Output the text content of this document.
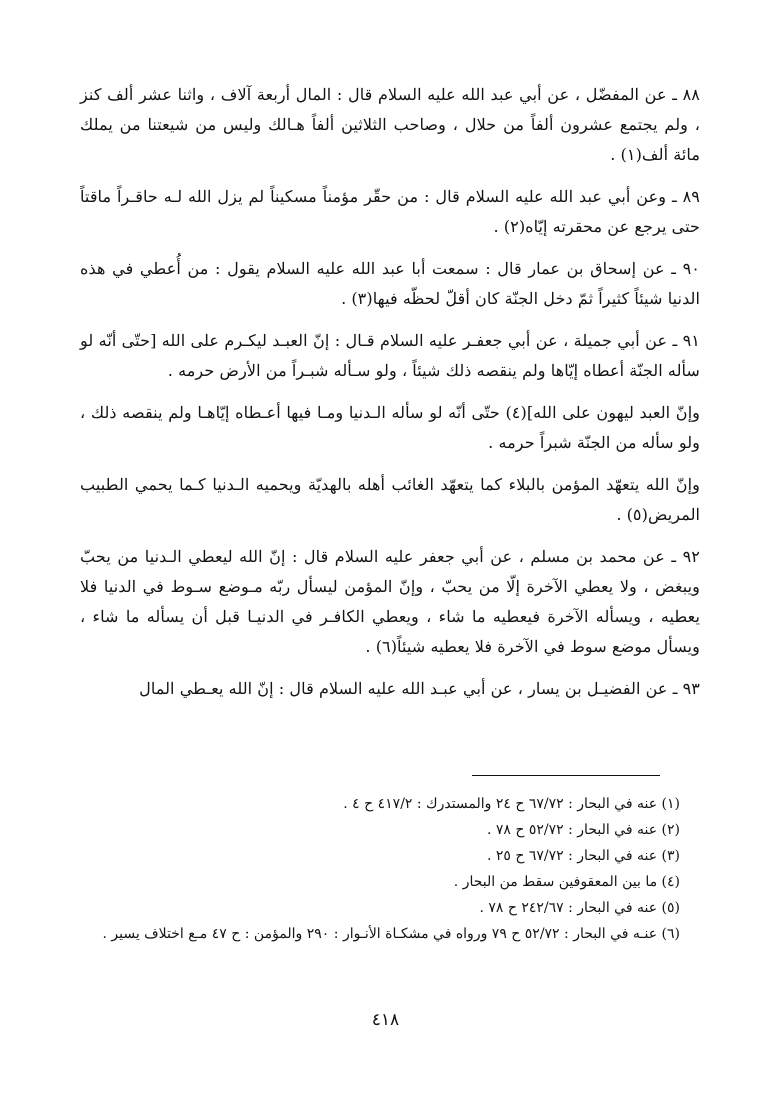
٨٨ ـ عن المفضّل ، عن أبي عبد الله عليه السلام قال : المال أربعة آلاف ، واثنا عشر ألف كنز ، ولم يجتمع عشرون ألفاً من حلال ، وصاحب الثلاثين ألفاً هـالك وليس من شيعتنا من يملك مائة ألف(١) .

٨٩ ـ وعن أبي عبد الله عليه السلام قال : من حقّر مؤمناً مسكيناً لم يزل الله لـه حاقـراً ماقتاً حتى يرجع عن محقرته إيّاه(٢) .

٩٠ ـ عن إسحاق بن عمار قال : سمعت أبا عبد الله عليه السلام يقول : من أُعطي في هذه الدنيا شيئاً كثيراً ثمّ دخل الجنّة كان أقلّ لحظّه فيها(٣) .

٩١ ـ عن أبي جميلة ، عن أبي جعفـر عليه السلام قـال : إنّ العبـد ليكـرم على الله [حتّى أنّه لو سأله الجنّة أعطاه إيّاها ولم ينقصه ذلك شيئاً ، ولو سـأله شبـراً من الأرض حرمه .

وإنّ العبد ليهون على الله](٤) حتّى أنّه لو سأله الـدنيا ومـا فيها أعـطاه إيّاهـا ولم ينقصه ذلك ، ولو سأله من الجنّة شبراً حرمه .

وإنّ الله يتعهّد المؤمن بالبلاء كما يتعهّد الغائب أهله بالهديّة ويحميه الـدنيا كـما يحمي الطبيب المريض(٥) .

٩٢ ـ عن محمد بن مسلم ، عن أبي جعفر عليه السلام قال : إنّ الله ليعطي الـدنيا من يحبّ ويبغض ، ولا يعطي الآخرة إلّا من يحبّ ، وإنّ المؤمن ليسأل ربّه مـوضع سـوط في الدنيا فلا يعطيه ، ويسأله الآخرة فيعطيه ما شاء ، ويعطي الكافـر في الدنيـا قبل أن يسأله ما شاء ، ويسأل موضع سوط في الآخرة فلا يعطيه شيئاً(٦) .

٩٣ ـ عن الفضيـل بن يسار ، عن أبي عبـد الله عليه السلام قال : إنّ الله يعـطي المال

(١) عنه في البحار : ٦٧/٧٢ ح ٢٤ والمستدرك : ٤١٧/٢ ح ٤ .

(٢) عنه في البحار : ٥٢/٧٢ ح ٧٨ .

(٣) عنه في البحار : ٦٧/٧٢ ح ٢٥ .

(٤) ما بين المعقوفين سقط من البحار .

(٥) عنه في البحار : ٢٤٢/٦٧ ح ٧٨ .

(٦) عنـه في البحار : ٥٢/٧٢ ح ٧٩ ورواه في مشكـاة الأنـوار : ٢٩٠ والمؤمن : ح ٤٧ مـع اختلاف يسير .

٤١٨
